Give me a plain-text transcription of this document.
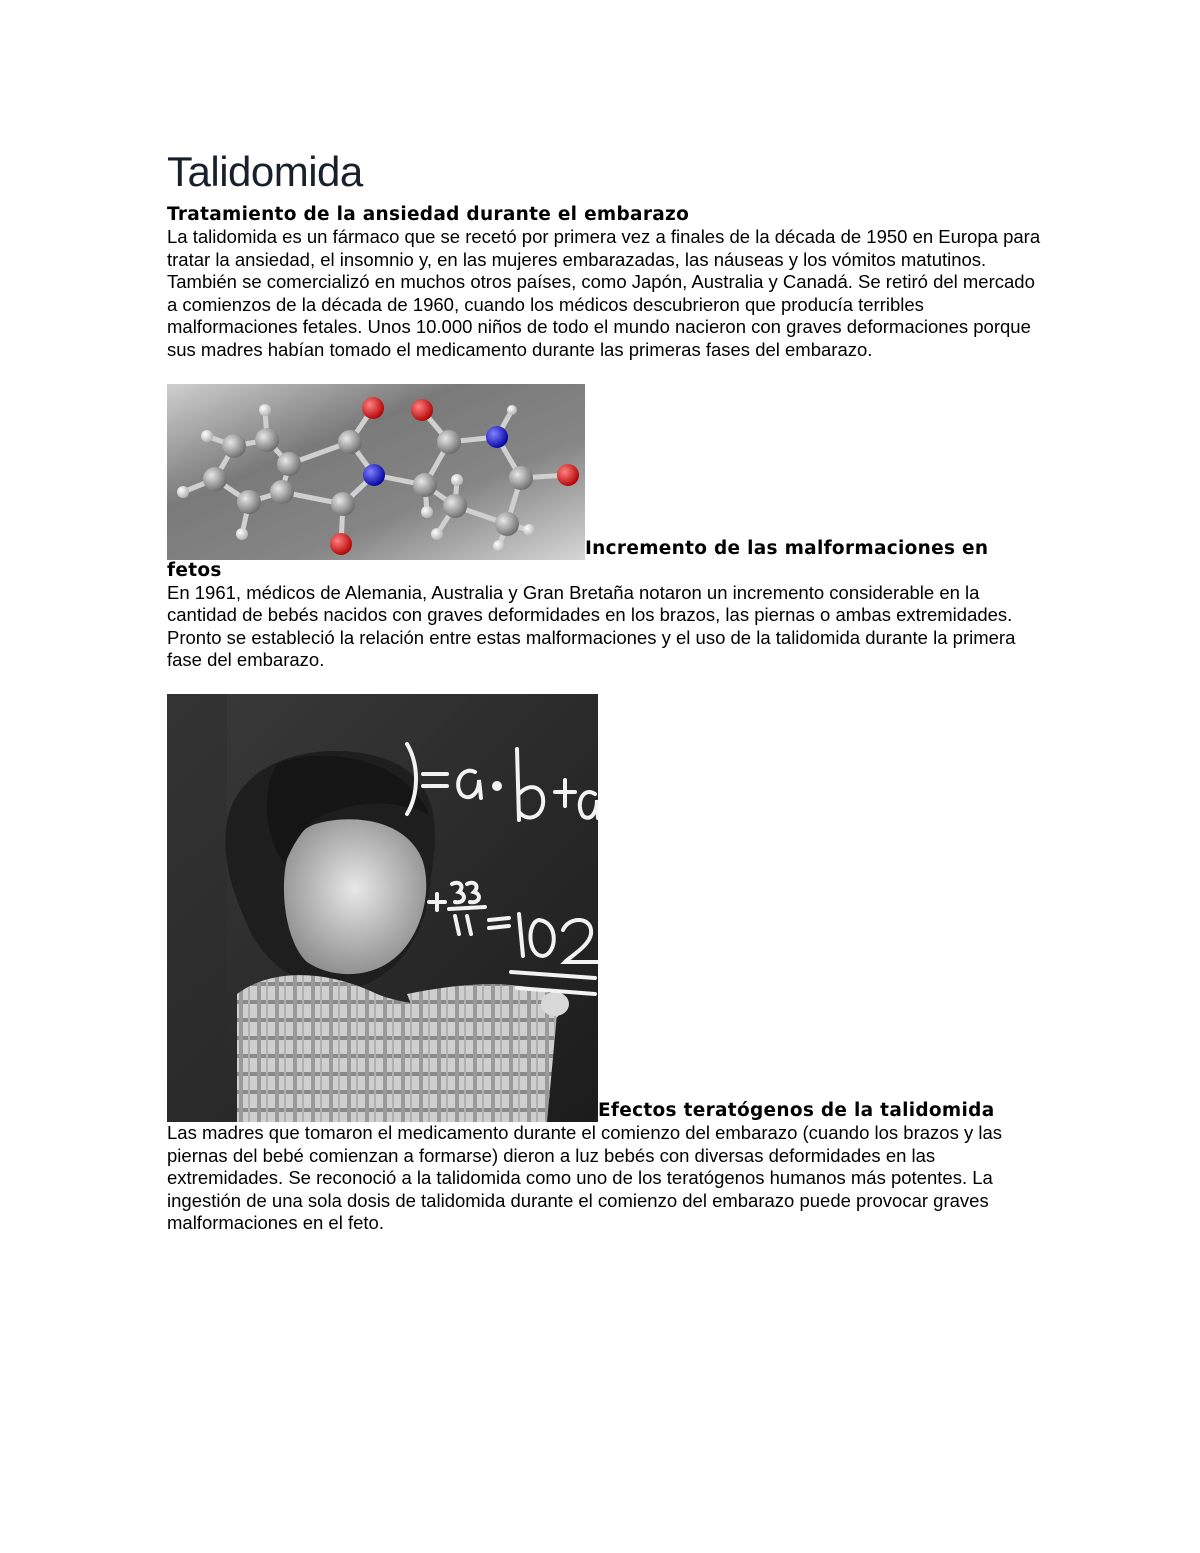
Talidomida
Tratamiento de la ansiedad durante el embarazo

La talidomida es un fármaco que se recetó por primera vez a finales de la década de 1950 en Europa para tratar la ansiedad, el insomnio y, en las mujeres embarazadas, las náuseas y los vómitos matutinos. También se comercializó en muchos otros países, como Japón, Australia y Canadá. Se retiró del mercado a comienzos de la década de 1960, cuando los médicos descubrieron que producía terribles malformaciones fetales. Unos 10.000 niños de todo el mundo nacieron con graves deformaciones porque sus madres habían tomado el medicamento durante las primeras fases del embarazo.

Incremento de las malformaciones en fetos

En 1961, médicos de Alemania, Australia y Gran Bretaña notaron un incremento considerable en la cantidad de bebés nacidos con graves deformidades en los brazos, las piernas o ambas extremidades. Pronto se estableció la relación entre estas malformaciones y el uso de la talidomida durante la primera fase del embarazo.

Efectos teratógenos de la talidomida

Las madres que tomaron el medicamento durante el comienzo del embarazo (cuando los brazos y las piernas del bebé comienzan a formarse) dieron a luz bebés con diversas deformidades en las extremidades. Se reconoció a la talidomida como uno de los teratógenos humanos más potentes. La ingestión de una sola dosis de talidomida durante el comienzo del embarazo puede provocar graves malformaciones en el feto.
